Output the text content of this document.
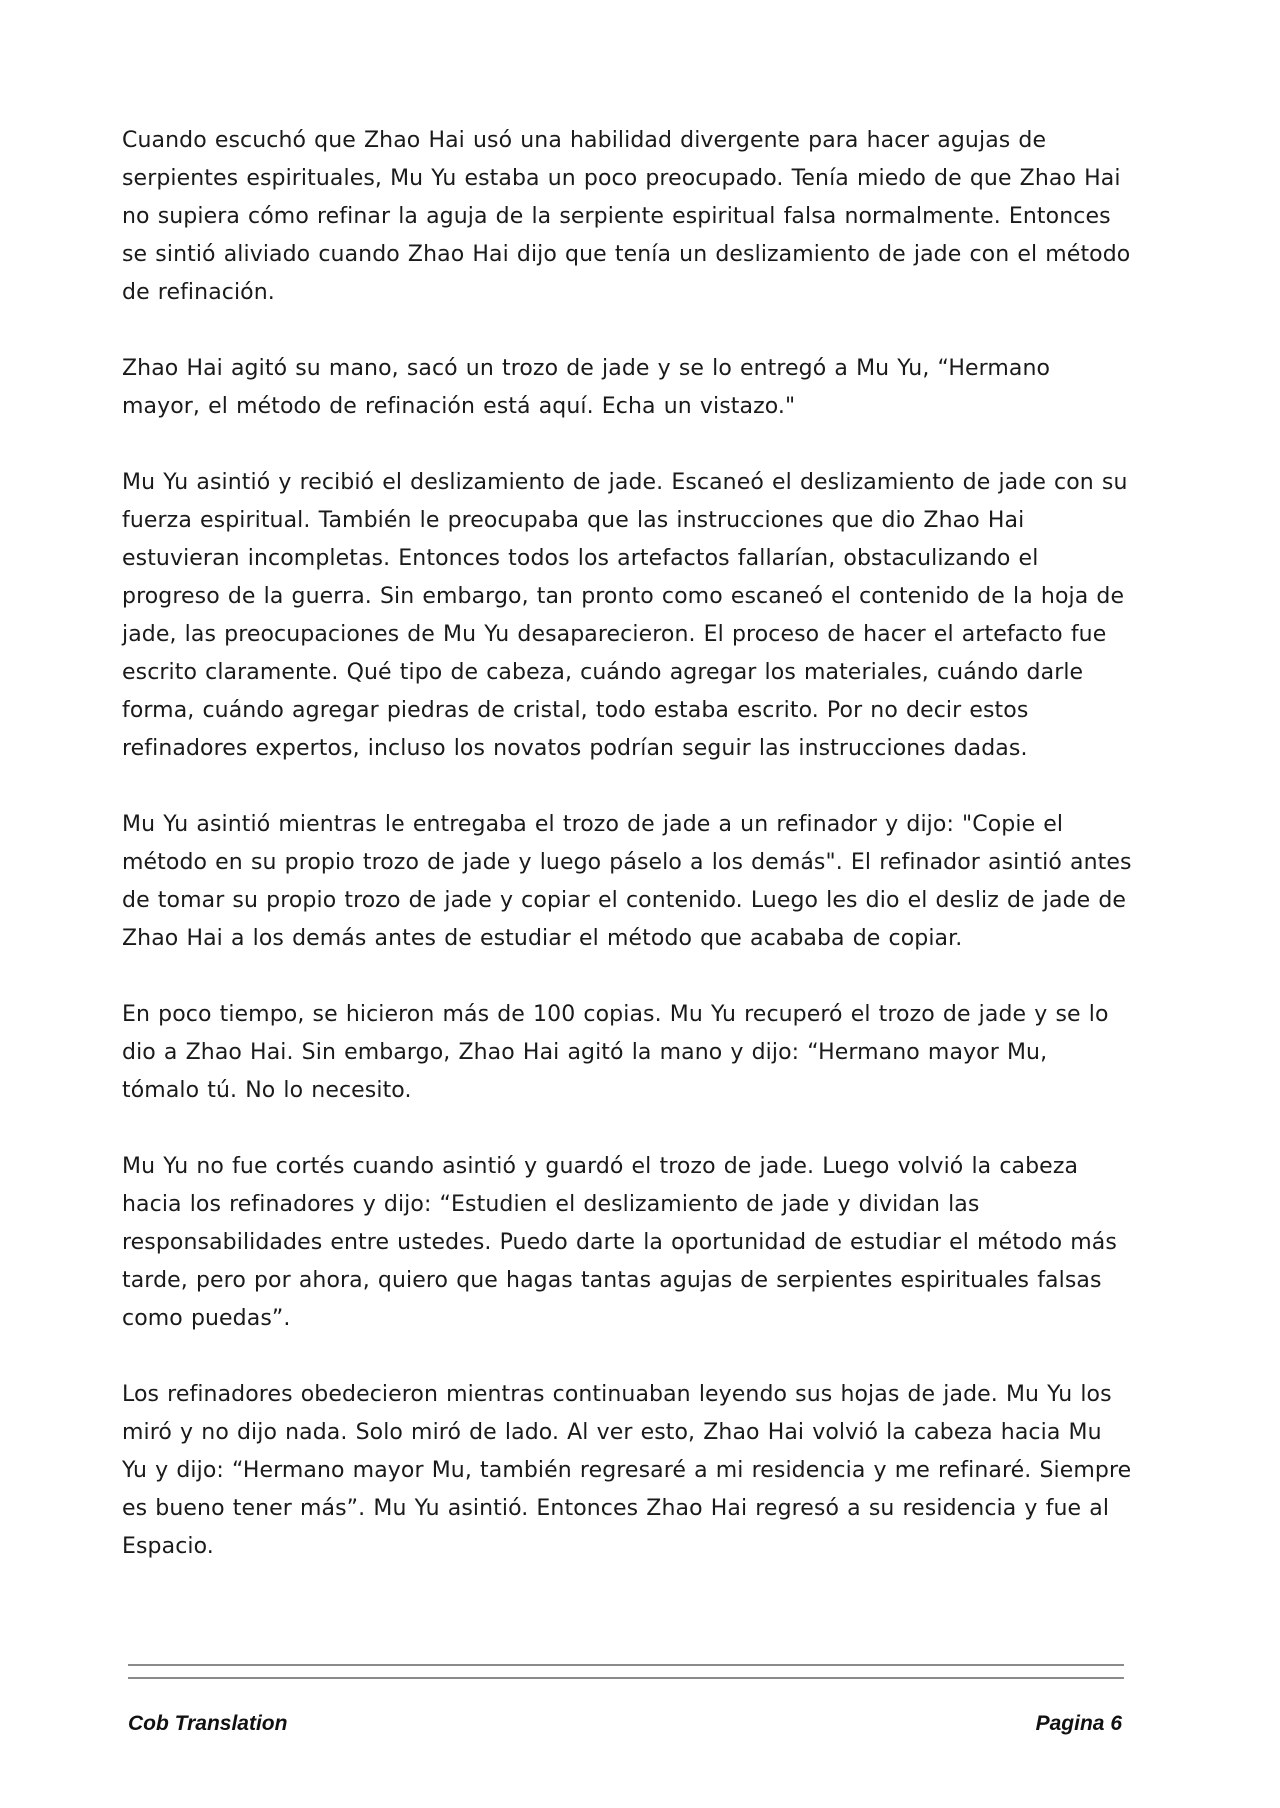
Cuando escuchó que Zhao Hai usó una habilidad divergente para hacer agujas de serpientes espirituales, Mu Yu estaba un poco preocupado. Tenía miedo de que Zhao Hai no supiera cómo refinar la aguja de la serpiente espiritual falsa normalmente. Entonces se sintió aliviado cuando Zhao Hai dijo que tenía un deslizamiento de jade con el método de refinación.

Zhao Hai agitó su mano, sacó un trozo de jade y se lo entregó a Mu Yu, “Hermano mayor, el método de refinación está aquí. Echa un vistazo."

Mu Yu asintió y recibió el deslizamiento de jade. Escaneó el deslizamiento de jade con su fuerza espiritual. También le preocupaba que las instrucciones que dio Zhao Hai estuvieran incompletas. Entonces todos los artefactos fallarían, obstaculizando el progreso de la guerra. Sin embargo, tan pronto como escaneó el contenido de la hoja de jade, las preocupaciones de Mu Yu desaparecieron. El proceso de hacer el artefacto fue escrito claramente. Qué tipo de cabeza, cuándo agregar los materiales, cuándo darle forma, cuándo agregar piedras de cristal, todo estaba escrito. Por no decir estos refinadores expertos, incluso los novatos podrían seguir las instrucciones dadas.

Mu Yu asintió mientras le entregaba el trozo de jade a un refinador y dijo: "Copie el método en su propio trozo de jade y luego páselo a los demás". El refinador asintió antes de tomar su propio trozo de jade y copiar el contenido. Luego les dio el desliz de jade de Zhao Hai a los demás antes de estudiar el método que acababa de copiar.

En poco tiempo, se hicieron más de 100 copias. Mu Yu recuperó el trozo de jade y se lo dio a Zhao Hai. Sin embargo, Zhao Hai agitó la mano y dijo: “Hermano mayor Mu, tómalo tú. No lo necesito.

Mu Yu no fue cortés cuando asintió y guardó el trozo de jade. Luego volvió la cabeza hacia los refinadores y dijo: “Estudien el deslizamiento de jade y dividan las responsabilidades entre ustedes. Puedo darte la oportunidad de estudiar el método más tarde, pero por ahora, quiero que hagas tantas agujas de serpientes espirituales falsas como puedas”.

Los refinadores obedecieron mientras continuaban leyendo sus hojas de jade. Mu Yu los miró y no dijo nada. Solo miró de lado. Al ver esto, Zhao Hai volvió la cabeza hacia Mu Yu y dijo: “Hermano mayor Mu, también regresaré a mi residencia y me refinaré. Siempre es bueno tener más”. Mu Yu asintió. Entonces Zhao Hai regresó a su residencia y fue al Espacio.

Cob Translation	Pagina 6
